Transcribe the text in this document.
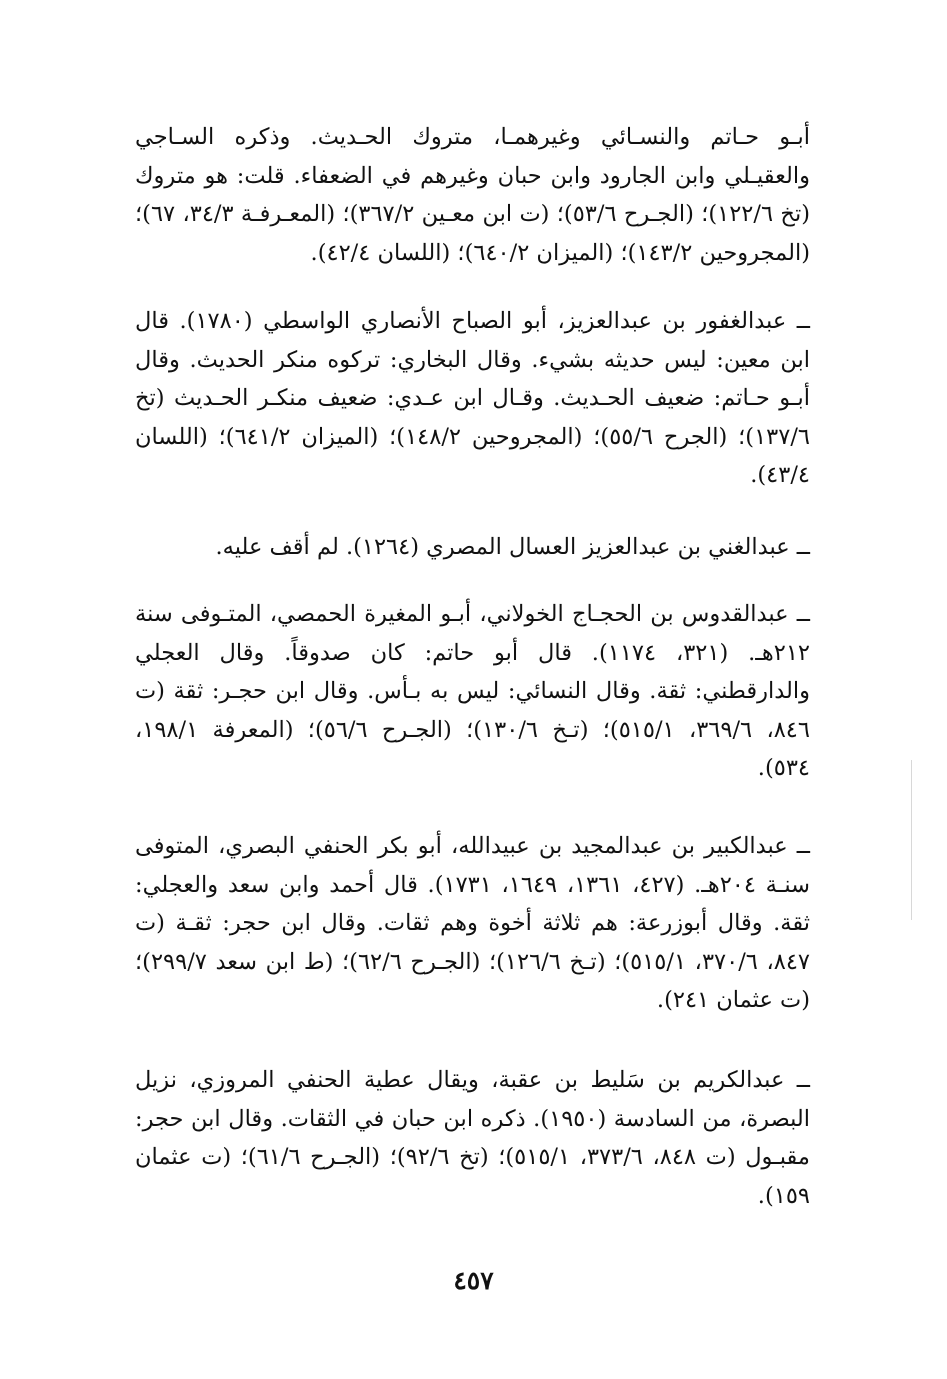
أبـو حـاتم والنسـائي وغيرهمـا، متروك الحـديث. وذكره السـاجي والعقيـلي وابن الجارود وابن حبان وغيرهم في الضعفاء. قلت: هو متروك (تخ ١٢٢/٦)؛ (الجـرح ٥٣/٦)؛ (ت ابن معـين ٣٦٧/٢)؛ (المعـرفـة ٣٤/٣، ٦٧)؛ (المجروحين ١٤٣/٢)؛ (الميزان ٦٤٠/٢)؛ (اللسان ٤٢/٤).

ــ عبدالغفور بن عبدالعزيز، أبو الصباح الأنصاري الواسطي (١٧٨٠). قال ابن معين: ليس حديثه بشيء. وقال البخاري: تركوه منكر الحديث. وقال أبـو حـاتم: ضعيف الحـديث. وقـال ابن عـدي: ضعيف منكـر الحـديث (تخ ١٣٧/٦)؛ (الجرح ٥٥/٦)؛ (المجروحين ١٤٨/٢)؛ (الميزان ٦٤١/٢)؛ (اللسان ٤٣/٤).

ــ عبدالغني بن عبدالعزيز العسال المصري (١٢٦٤). لم أقف عليه.

ــ عبدالقدوس بن الحجـاج الخولاني، أبـو المغيرة الحمصي، المتـوفى سنة ٢١٢هـ. (٣٢١، ١١٧٤). قال أبو حاتم: كان صدوقاً. وقال العجلي والدارقطني: ثقة. وقال النسائي: ليس به بـأس. وقال ابن حجـر: ثقة (ت ٨٤٦، ٣٦٩/٦، ٥١٥/١)؛ (تـخ ١٣٠/٦)؛ (الجـرح ٥٦/٦)؛ (المعرفة ١٩٨/١، ٥٣٤).

ــ عبدالكبير بن عبدالمجيد بن عبيدالله، أبو بكر الحنفي البصري، المتوفى سنـة ٢٠٤هـ. (٤٢٧، ١٣٦١، ١٦٤٩، ١٧٣١). قال أحمد وابن سعد والعجلي: ثقة. وقال أبوزرعة: هم ثلاثة أخوة وهم ثقات. وقال ابن حجر: ثقـة (ت ٨٤٧، ٣٧٠/٦، ٥١٥/١)؛ (تـخ ١٢٦/٦)؛ (الجـرح ٦٢/٦)؛ (ط ابن سعد ٢٩٩/٧)؛ (ت عثمان ٢٤١).

ــ عبدالكريم بن سَليط بن عقبة، ويقال عطية الحنفي المروزي، نزيل البصرة، من السادسة (١٩٥٠). ذكره ابن حبان في الثقات. وقال ابن حجر: مقبـول (ت ٨٤٨، ٣٧٣/٦، ٥١٥/١)؛ (تخ ٩٢/٦)؛ (الجـرح ٦١/٦)؛ (ت عثمان ١٥٩).

٤٥٧
